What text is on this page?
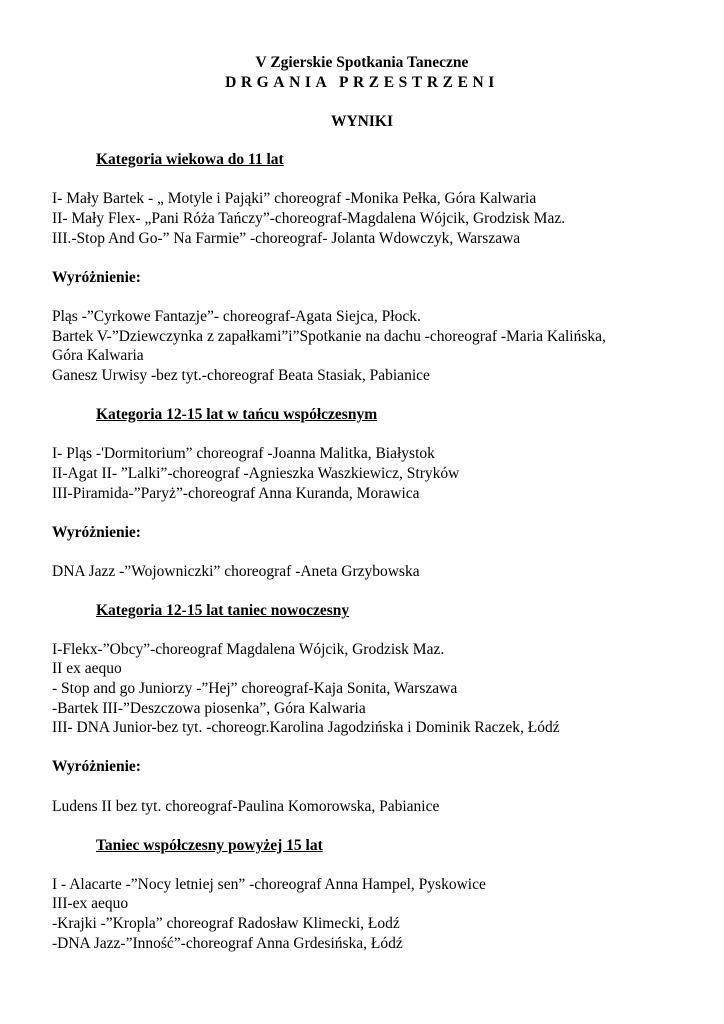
V Zgierskie Spotkania Taneczne
DRGANIA PRZESTRZENI
WYNIKI
Kategoria wiekowa do 11 lat
I- Mały Bartek - „ Motyle i Pająki” choreograf -Monika Pełka, Góra Kalwaria
II- Mały Flex- „Pani Róża Tańczy”-choreograf-Magdalena Wójcik, Grodzisk Maz.
III.-Stop And Go-” Na Farmie” -choreograf- Jolanta Wdowczyk, Warszawa
Wyróżnienie:
Pląs -”Cyrkowe Fantazje”- choreograf-Agata Siejca, Płock.
Bartek V-”Dziewczynka z zapałkami”i”Spotkanie na dachu -choreograf -Maria Kalińska,
Góra Kalwaria
Ganesz Urwisy -bez tyt.-choreograf Beata Stasiak, Pabianice
Kategoria 12-15 lat w tańcu współczesnym
I- Pląs -'Dormitorium” choreograf -Joanna Malitka, Białystok
II-Agat II- ”Lalki”-choreograf -Agnieszka Waszkiewicz, Stryków
III-Piramida-”Paryż”-choreograf Anna Kuranda, Morawica
Wyróżnienie:
DNA Jazz -”Wojowniczki” choreograf -Aneta Grzybowska
Kategoria 12-15 lat taniec nowoczesny
I-Flekx-”Obcy”-choreograf Magdalena Wójcik, Grodzisk Maz.
II ex aequo
- Stop and go Juniorzy -”Hej” choreograf-Kaja Sonita, Warszawa
-Bartek III-”Deszczowa piosenka”, Góra Kalwaria
III- DNA Junior-bez tyt. -choreogr.Karolina Jagodzińska i Dominik Raczek, Łódź
Wyróżnienie:
Ludens II bez tyt. choreograf-Paulina Komorowska, Pabianice
Taniec współczesny powyżej 15 lat
I - Alacarte -”Nocy letniej sen” -choreograf Anna Hampel, Pyskowice
III-ex aequo
-Krajki -”Kropla” choreograf Radosław Klimecki, Łodź
-DNA Jazz-”Inność”-choreograf Anna Grdesińska, Łódź
